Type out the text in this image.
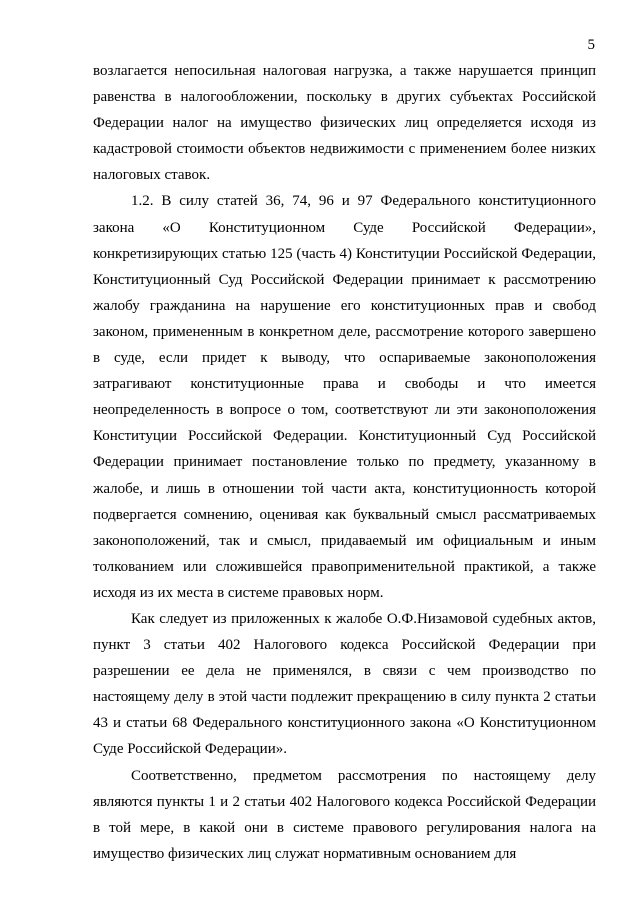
5

возлагается непосильная налоговая нагрузка, а также нарушается принцип равенства в налогообложении, поскольку в других субъектах Российской Федерации налог на имущество физических лиц определяется исходя из кадастровой стоимости объектов недвижимости с применением более низких налоговых ставок.

1.2. В силу статей 36, 74, 96 и 97 Федерального конституционного закона «О Конституционном Суде Российской Федерации», конкретизирующих статью 125 (часть 4) Конституции Российской Федерации, Конституционный Суд Российской Федерации принимает к рассмотрению жалобу гражданина на нарушение его конституционных прав и свобод законом, примененным в конкретном деле, рассмотрение которого завершено в суде, если придет к выводу, что оспариваемые законоположения затрагивают конституционные права и свободы и что имеется неопределенность в вопросе о том, соответствуют ли эти законоположения Конституции Российской Федерации. Конституционный Суд Российской Федерации принимает постановление только по предмету, указанному в жалобе, и лишь в отношении той части акта, конституционность которой подвергается сомнению, оценивая как буквальный смысл рассматриваемых законоположений, так и смысл, придаваемый им официальным и иным толкованием или сложившейся правоприменительной практикой, а также исходя из их места в системе правовых норм.

Как следует из приложенных к жалобе О.Ф.Низамовой судебных актов, пункт 3 статьи 402 Налогового кодекса Российской Федерации при разрешении ее дела не применялся, в связи с чем производство по настоящему делу в этой части подлежит прекращению в силу пункта 2 статьи 43 и статьи 68 Федерального конституционного закона «О Конституционном Суде Российской Федерации».

Соответственно, предметом рассмотрения по настоящему делу являются пункты 1 и 2 статьи 402 Налогового кодекса Российской Федерации в той мере, в какой они в системе правового регулирования налога на имущество физических лиц служат нормативным основанием для
